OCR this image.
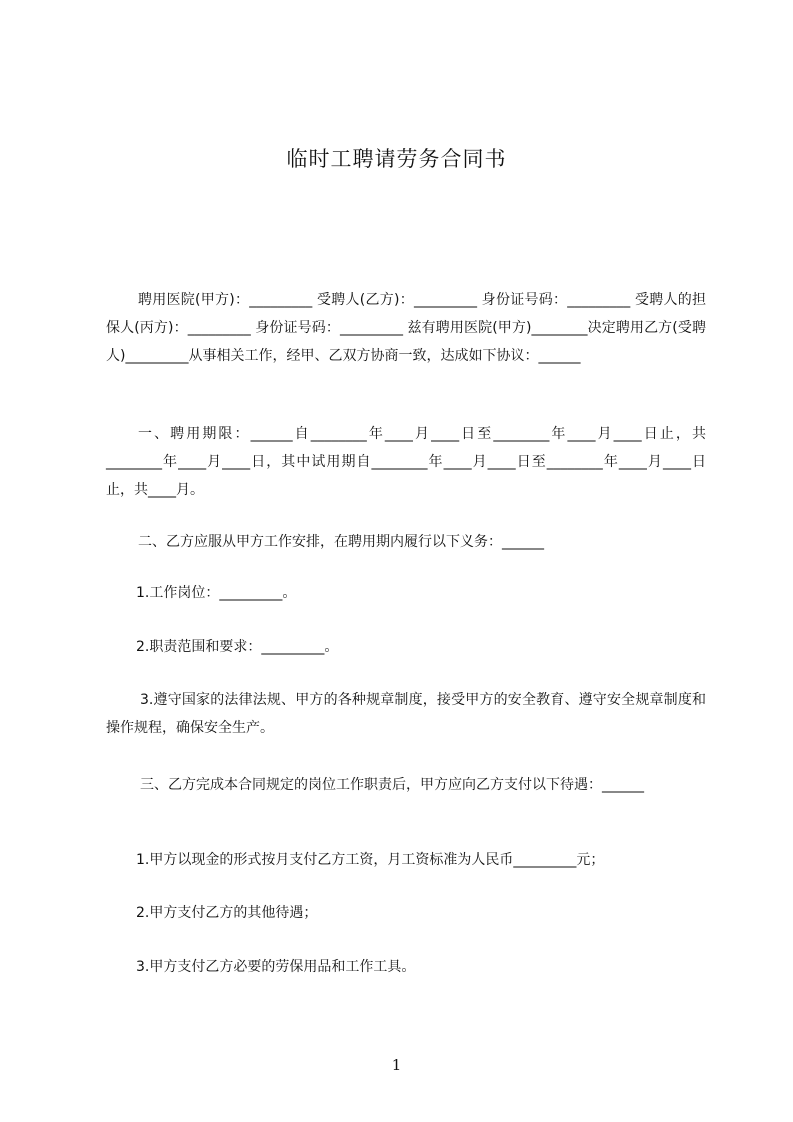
临时工聘请劳务合同书

聘用医院(甲方)：_________ 受聘人(乙方)：_________ 身份证号码：_________ 受聘人的担保人(丙方)：_________ 身份证号码：_________ 兹有聘用医院(甲方)________决定聘用乙方(受聘人)_________从事相关工作，经甲、乙双方协商一致，达成如下协议：______

一、聘用期限：______自________年____月____日至________年____月____日止，共________年____月____日，其中试用期自________年____月____日至________年____月____日止，共____月。

二、乙方应服从甲方工作安排，在聘用期内履行以下义务：______

1.工作岗位：_________。

2.职责范围和要求：_________。

3.遵守国家的法律法规、甲方的各种规章制度，接受甲方的安全教育、遵守安全规章制度和操作规程，确保安全生产。

三、乙方完成本合同规定的岗位工作职责后，甲方应向乙方支付以下待遇：______

1.甲方以现金的形式按月支付乙方工资，月工资标准为人民币_________元；

2.甲方支付乙方的其他待遇；

3.甲方支付乙方必要的劳保用品和工作工具。

1
